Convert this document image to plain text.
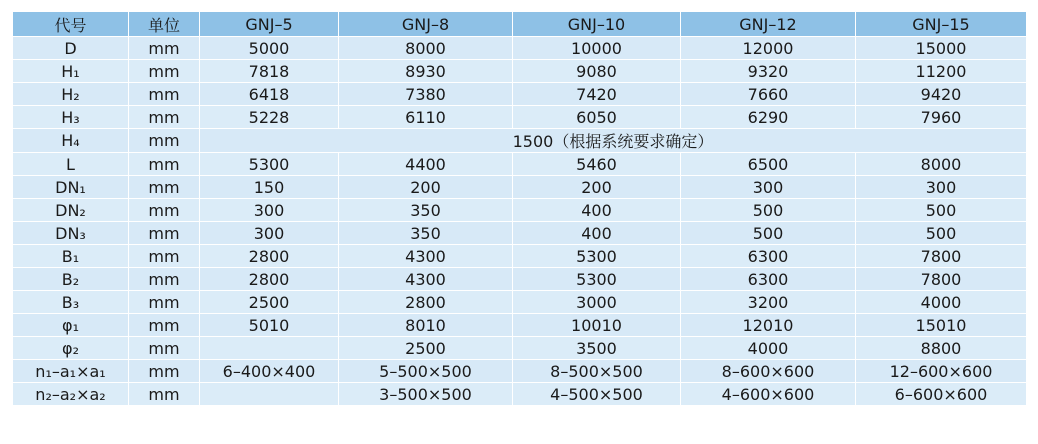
代号	单位	GNJ–5	GNJ–8	GNJ–10	GNJ–12	GNJ–15
D	mm	5000	8000	10000	12000	15000
H₁	mm	7818	8930	9080	9320	11200
H₂	mm	6418	7380	7420	7660	9420
H₃	mm	5228	6110	6050	6290	7960
H₄	mm	1500（根据系统要求确定）				
L	mm	5300	4400	5460	6500	8000
DN₁	mm	150	200	200	300	300
DN₂	mm	300	350	400	500	500
DN₃	mm	300	350	400	500	500
B₁	mm	2800	4300	5300	6300	7800
B₂	mm	2800	4300	5300	6300	7800
B₃	mm	2500	2800	3000	3200	4000
φ₁	mm	5010	8010	10010	12010	15010
φ₂	mm		2500	3500	4000	8800
n₁–a₁×a₁	mm	6–400×400	5–500×500	8–500×500	8–600×600	12–600×600
n₂–a₂×a₂	mm		3–500×500	4–500×500	4–600×600	6–600×600
